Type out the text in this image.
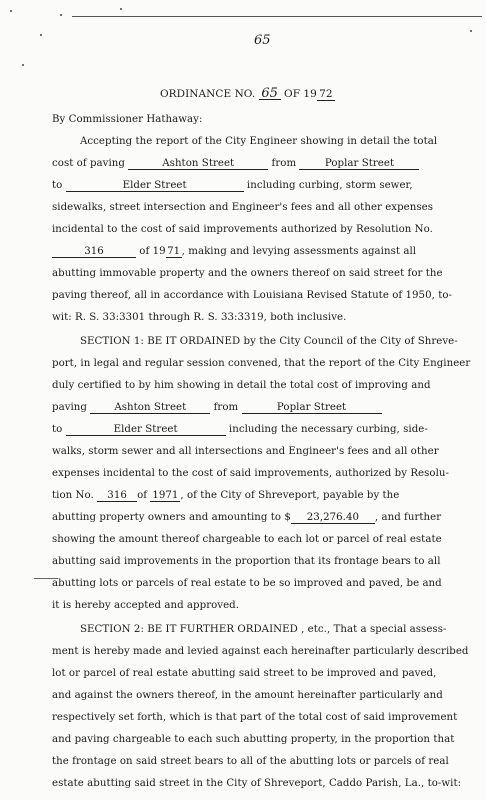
65
ORDINANCE NO. 65 OF 19 72
By Commissioner Hathaway:
Accepting the report of the City Engineer showing in detail the total
cost of paving	Ashton Street	from	Poplar Street
to	Elder Street	including curbing, storm sewer,
sidewalks, street intersection and Engineer's fees and all other expenses
incidental to the cost of said improvements authorized by Resolution No.
316	of 1971, making and levying assessments against all
abutting immovable property and the owners thereof on said street for the
paving thereof, all in accordance with Louisiana Revised Statute of 1950, to-
wit: R. S. 33:3301 through R. S. 33:3319, both inclusive.
SECTION 1: BE IT ORDAINED by the City Council of the City of Shreve-
port, in legal and regular session convened, that the report of the City Engineer
duly certified to by him showing in detail the total cost of improving and
paving	Ashton Street	from	Poplar Street
to	Elder Street	including the necessary curbing, side-
walks, storm sewer and all intersections and Engineer's fees and all other
expenses incidental to the cost of said improvements, authorized by Resolu-
tion No. 316 of 1971 , of the City of Shreveport, payable by the
abutting property owners and amounting to $ 23,276.40 , and further
showing the amount thereof chargeable to each lot or parcel of real estate
abutting said improvements in the proportion that its frontage bears to all
abutting lots or parcels of real estate to be so improved and paved, be and
it is hereby accepted and approved.
SECTION 2: BE IT FURTHER ORDAINED , etc., That a special assess-
ment is hereby made and levied against each hereinafter particularly described
lot or parcel of real estate abutting said street to be improved and paved,
and against the owners thereof, in the amount hereinafter particularly and
respectively set forth, which is that part of the total cost of said improvement
and paving chargeable to each such abutting property, in the proportion that
the frontage on said street bears to all of the abutting lots or parcels of real
estate abutting said street in the City of Shreveport, Caddo Parish, La., to-wit:
